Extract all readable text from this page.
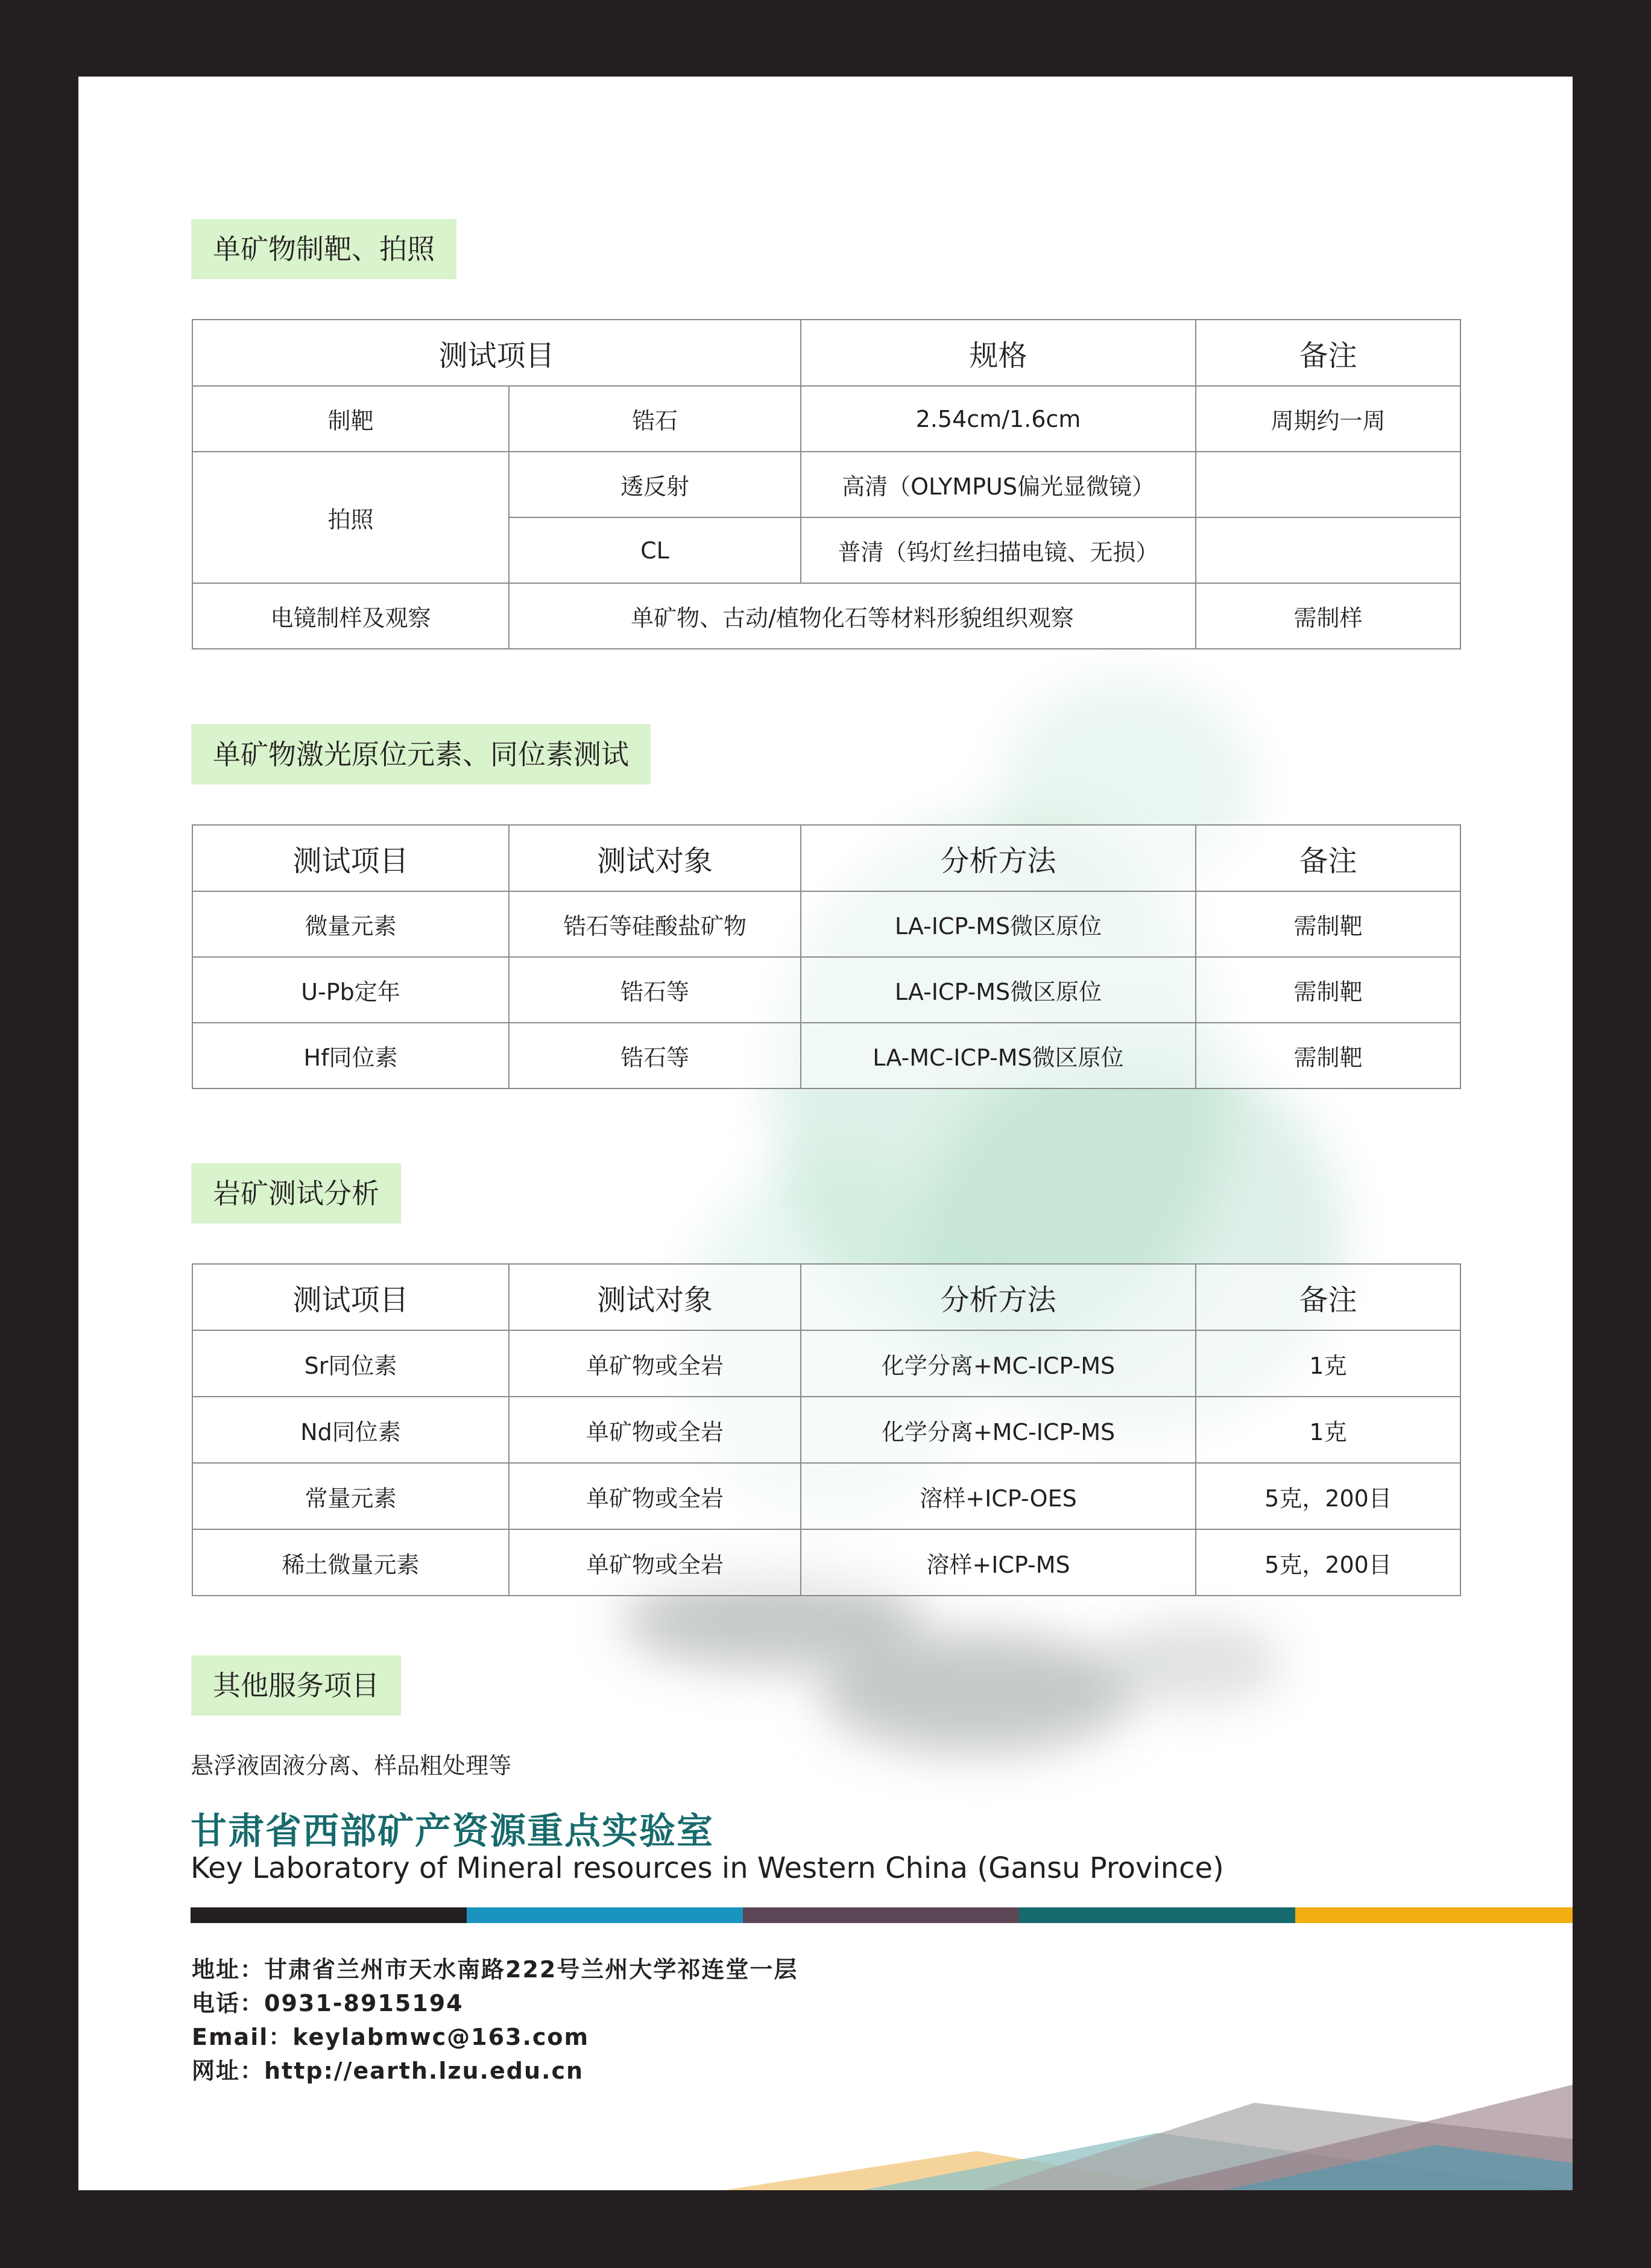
单矿物制靶、拍照
测试项目		规格	备注
制靶	锆石	2.54cm/1.6cm	周期约一周
拍照	透反射	高清（OLYMPUS偏光显微镜）	
	CL	普清（钨灯丝扫描电镜、无损）	
电镜制样及观察	单矿物、古动/植物化石等材料形貌组织观察		需制样
单矿物激光原位元素、同位素测试
测试项目	测试对象	分析方法	备注
微量元素	锆石等硅酸盐矿物	LA-ICP-MS微区原位	需制靶
U-Pb定年	锆石等	LA-ICP-MS微区原位	需制靶
Hf同位素	锆石等	LA-MC-ICP-MS微区原位	需制靶
岩矿测试分析
测试项目	测试对象	分析方法	备注
Sr同位素	单矿物或全岩	化学分离+MC-ICP-MS	1克
Nd同位素	单矿物或全岩	化学分离+MC-ICP-MS	1克
常量元素	单矿物或全岩	溶样+ICP-OES	5克，200目
稀土微量元素	单矿物或全岩	溶样+ICP-MS	5克，200目
其他服务项目
悬浮液固液分离、样品粗处理等
甘肃省西部矿产资源重点实验室
Key Laboratory of Mineral resources in Western China (Gansu Province)
地址：甘肃省兰州市天水南路222号兰州大学祁连堂一层
电话：0931-8915194
Email：keylabmwc@163.com
网址：http://earth.lzu.edu.cn
